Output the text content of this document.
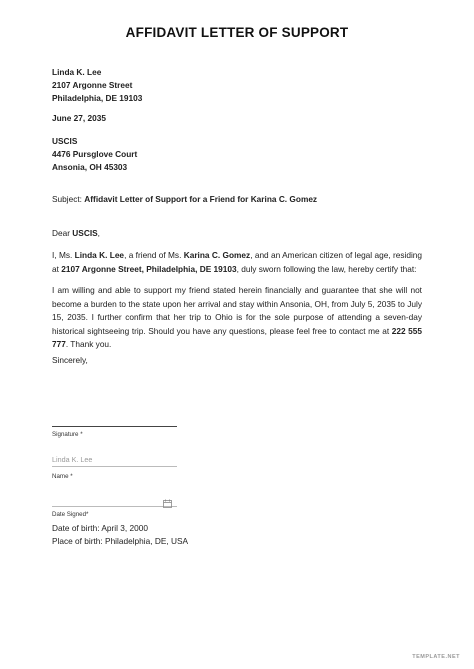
AFFIDAVIT LETTER OF SUPPORT
Linda K. Lee
2107 Argonne Street
Philadelphia, DE 19103
June 27, 2035
USCIS
4476 Pursglove Court
Ansonia, OH 45303
Subject: Affidavit Letter of Support for a Friend for Karina C. Gomez
Dear USCIS,
I, Ms. Linda K. Lee, a friend of Ms. Karina C. Gomez, and an American citizen of legal age, residing at 2107 Argonne Street, Philadelphia, DE 19103, duly sworn following the law, hereby certify that:
I am willing and able to support my friend stated herein financially and guarantee that she will not become a burden to the state upon her arrival and stay within Ansonia, OH, from July 5, 2035 to July 15, 2035. I further confirm that her trip to Ohio is for the sole purpose of attending a seven-day historical sightseeing trip. Should you have any questions, please feel free to contact me at 222 555 777. Thank you.
Sincerely,
Signature *
Linda K. Lee
Name *
Date Signed*
Date of birth: April 3, 2000
Place of birth: Philadelphia, DE, USA
TEMPLATE.NET
